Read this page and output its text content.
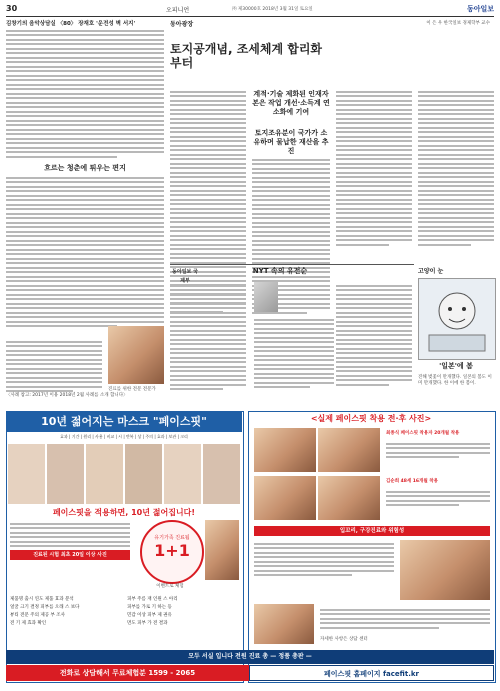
30	오피니언	㈜ 제30000호 2018년 3월 31일 토요일	동아일보
김창기의 음악상담실 〈80〉 장재호 '운전성 벽 서지'
흐르는 청춘에 튀우는 편지
진료를 위한 전문 전문가
〈사례 참고: 2017년 이용 2018년 2월 사례를 소개 합니다〉
동아광장
토지공개념, 조세체계 합리화부터
이 은 우 한국일보 경제학부 교수
계적·기술 제화된 인재자본은 작업 개선·소득계 연소화에 기여
토지조유분이 국가가 소유하며 물납한 재산을 추진
동아일보 국제부
NYT 속의 유전순	고양이 눈
'일본'에 봄
진해 벚꽃이 만개했다. 일본의 봄도 이미 만개했다. 한 이에 한 봄이.
10년 젊어지는 마스크 "페이스핏"
효과 | 기간 | 원리 | 사용 | 비교 | 시 | 반복 | 상 | 주의 | 효과 | 보관 | 크리
페이스핏을 적용하면, 10년 젊어집니다!
진료된 시험 최초 20일 이상 사진
유기가족 진료됨
1+1
이벤트로 체험
제품명 출시 연도 제품 효과 분석	피부 주름 재 인원 스 아리
얼굴 크기 결정 피부를 오래 스 보다	피부를 가로 기 하는 등
뷰티 전문 주의 제공 부 조사	민감 이상 피부 제 권유
전 기 제 효과 확인	면도 피부 가 전 결과
<실제 페이스핏 착용 전·후 사진>
최종식 페이스핏 착용자 20개월 착용
김순희 48세 16개월 착용
입꼬리, 구강진료와 위험성
자세한 사항은 상담 센터
모두 서실 입니다 전원 진료 총 — 정품 총판 —
전화로 상담해서 무료체험분 1599 - 2065	페이스핏 홈페이지 facefit.kr
